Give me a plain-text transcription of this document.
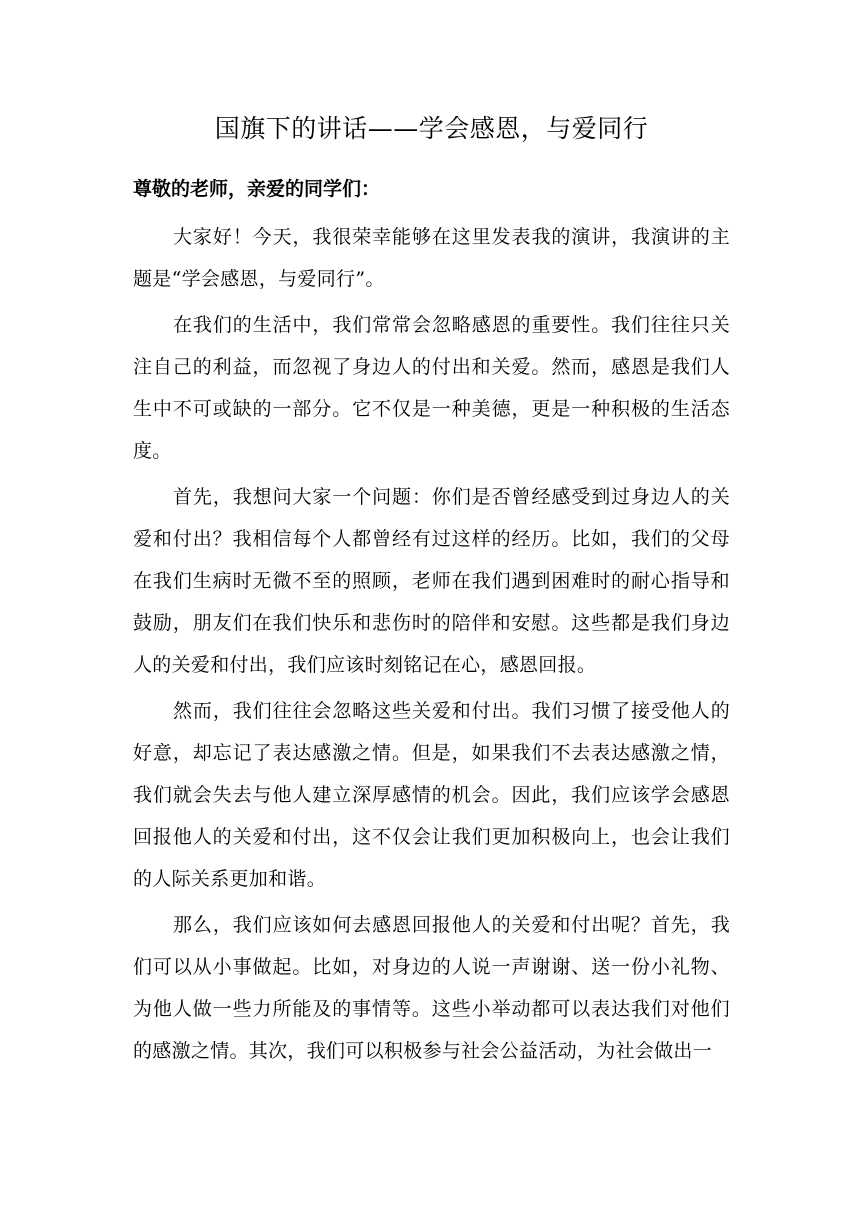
国旗下的讲话——学会感恩，与爱同行

尊敬的老师，亲爱的同学们：

大家好！今天，我很荣幸能够在这里发表我的演讲，我演讲的主题是“学会感恩，与爱同行”。

在我们的生活中，我们常常会忽略感恩的重要性。我们往往只关注自己的利益，而忽视了身边人的付出和关爱。然而，感恩是我们人生中不可或缺的一部分。它不仅是一种美德，更是一种积极的生活态度。

首先，我想问大家一个问题：你们是否曾经感受到过身边人的关爱和付出？我相信每个人都曾经有过这样的经历。比如，我们的父母在我们生病时无微不至的照顾，老师在我们遇到困难时的耐心指导和鼓励，朋友们在我们快乐和悲伤时的陪伴和安慰。这些都是我们身边人的关爱和付出，我们应该时刻铭记在心，感恩回报。

然而，我们往往会忽略这些关爱和付出。我们习惯了接受他人的好意，却忘记了表达感激之情。但是，如果我们不去表达感激之情，我们就会失去与他人建立深厚感情的机会。因此，我们应该学会感恩回报他人的关爱和付出，这不仅会让我们更加积极向上，也会让我们的人际关系更加和谐。

那么，我们应该如何去感恩回报他人的关爱和付出呢？首先，我们可以从小事做起。比如，对身边的人说一声谢谢、送一份小礼物、为他人做一些力所能及的事情等。这些小举动都可以表达我们对他们的感激之情。其次，我们可以积极参与社会公益活动，为社会做出一
